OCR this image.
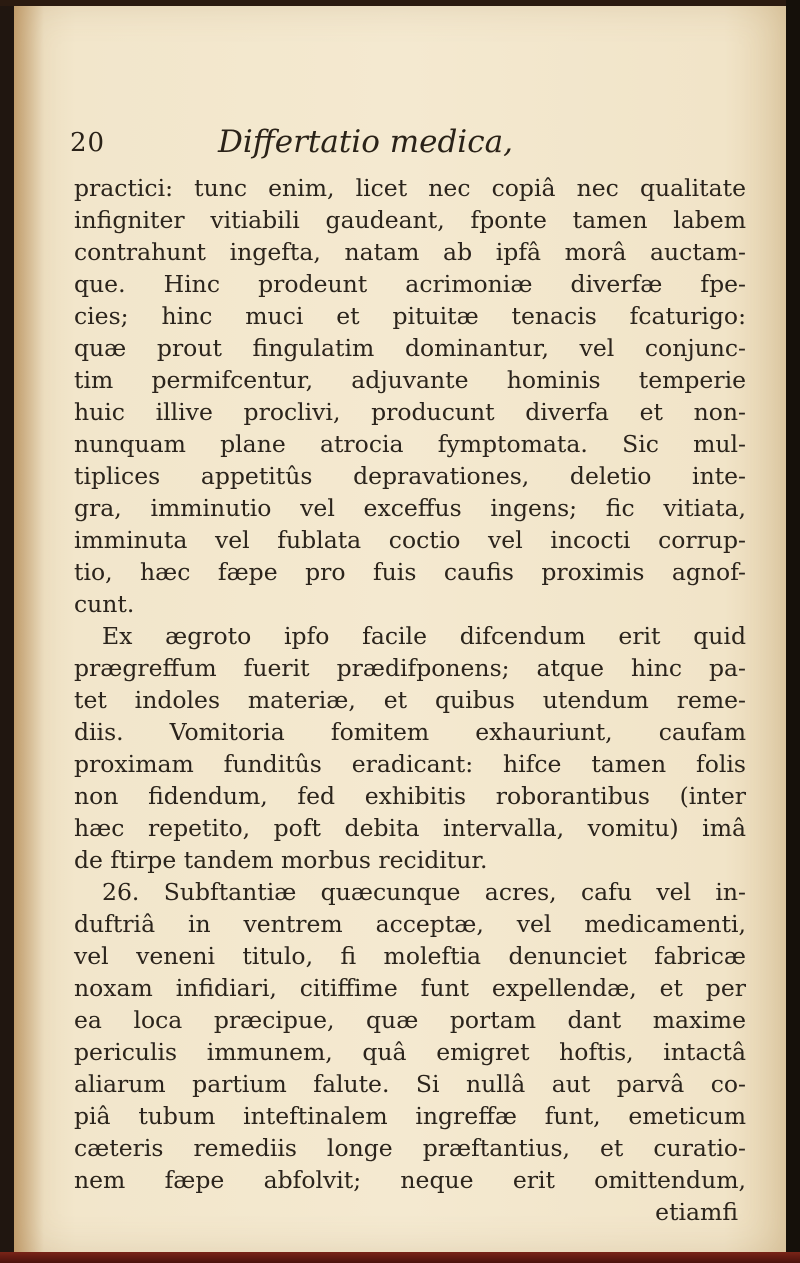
20	Differtatio medica,
practici: tunc enim, licet nec copiâ nec qualitate
infigniter vitiabili gaudeant, fponte tamen labem
contrahunt ingefta, natam ab ipfâ morâ auctam-
que. Hinc prodeunt acrimoniæ diverfæ fpe-
cies; hinc muci et pituitæ tenacis fcaturigo:
quæ prout fingulatim dominantur, vel conjunc-
tim permifcentur, adjuvante hominis temperie
huic illive proclivi, producunt diverfa et non-
nunquam plane atrocia fymptomata. Sic mul-
tiplices appetitûs depravationes, deletio inte-
gra, imminutio vel exceffus ingens; fic vitiata,
imminuta vel fublata coctio vel incocti corrup-
tio, hæc fæpe pro fuis caufis proximis agnof-
cunt.
Ex ægroto ipfo facile difcendum erit quid
prægreffum fuerit prædifponens; atque hinc pa-
tet indoles materiæ, et quibus utendum reme-
diis. Vomitoria fomitem exhauriunt, caufam
proximam funditûs eradicant: hifce tamen folis
non fidendum, fed exhibitis roborantibus (inter
hæc repetito, poft debita intervalla, vomitu) imâ
de ftirpe tandem morbus reciditur.
26. Subftantiæ quæcunque acres, cafu vel in-
duftriâ in ventrem acceptæ, vel medicamenti,
vel veneni titulo, fi moleftia denunciet fabricæ
noxam infidiari, citiffime funt expellendæ, et per
ea loca præcipue, quæ portam dant maxime
periculis immunem, quâ emigret hoftis, intactâ
aliarum partium falute. Si nullâ aut parvâ co-
piâ tubum inteftinalem ingreffæ funt, emeticum
cæteris remediis longe præftantius, et curatio-
nem fæpe abfolvit; neque erit omittendum,
etiamfi
